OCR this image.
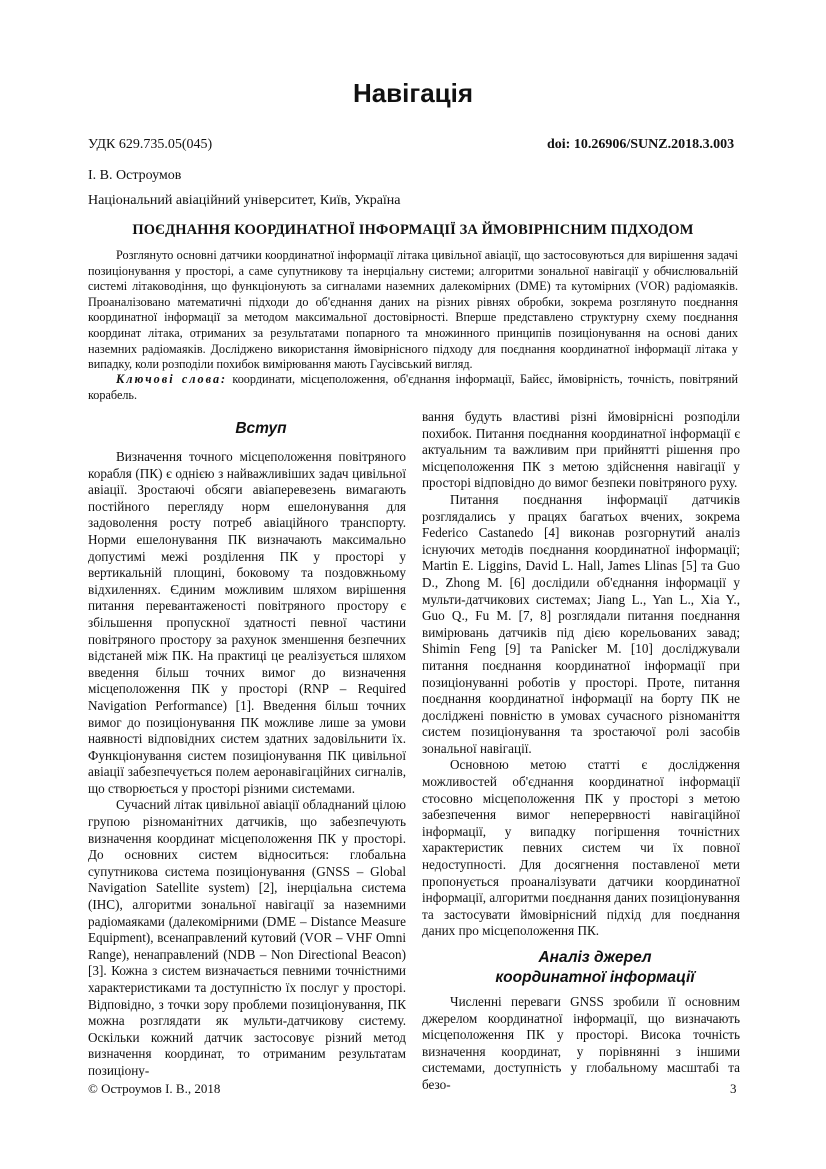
Навігація
УДК 629.735.05(045)	doi: 10.26906/SUNZ.2018.3.003
І. В. Остроумов
Національний авіаційний університет, Київ, Україна
ПОЄДНАННЯ КООРДИНАТНОЇ ІНФОРМАЦІЇ ЗА ЙМОВІРНІСНИМ ПІДХОДОМ

Розглянуто основні датчики координатної інформації літака цивільної авіації, що застосовуються для вирішення задачі позиціонування у просторі, а саме супутникову та інерціальну системи; алгоритми зональної навігації у обчислювальній системі літаководіння, що функціонують за сигналами наземних далекомірних (DME) та кутомірних (VOR) радіомаяків. Проаналізовано математичні підходи до об'єднання даних на різних рівнях обробки, зокрема розглянуто поєднання координатної інформації за методом максимальної достовірності. Вперше представлено структурну схему поєднання координат літака, отриманих за результатами попарного та множинного принципів позиціонування на основі даних наземних радіомаяків. Досліджено використання ймовірнісного підходу для поєднання координатної інформації літака у випадку, коли розподіли похибок вимірювання мають Гаусівський вигляд.

Ключові слова: координати, місцеположення, об'єднання інформації, Байєс, ймовірність, точність, повітряний корабель.

Вступ

Визначення точного місцеположення повітряного корабля (ПК) є однією з найважливіших задач цивільної авіації. Зростаючі обсяги авіаперевезень вимагають постійного перегляду норм ешелонування для задоволення росту потреб авіаційного транспорту. Норми ешелонування ПК визначають максимально допустимі межі розділення ПК у просторі у вертикальній площині, боковому та поздовжньому відхиленнях. Єдиним можливим шляхом вирішення питання перевантаженості повітряного простору є збільшення пропускної здатності певної частини повітряного простору за рахунок зменшення безпечних відстаней між ПК. На практиці це реалізується шляхом введення більш точних вимог до визначення місцеположення ПК у просторі (RNP – Required Navigation Performance) [1]. Введення більш точних вимог до позиціонування ПК можливе лише за умови наявності відповідних систем здатних задовільнити їх. Функціонування систем позиціонування ПК цивільної авіації забезпечується полем аеронавігаційних сигналів, що створюється у просторі різними системами.

Сучасний літак цивільної авіації обладнаний цілою групою різноманітних датчиків, що забезпечують визначення координат місцеположення ПК у просторі. До основних систем відноситься: глобальна супутникова система позиціонування (GNSS – Global Navigation Satellite system) [2], інерціальна система (ІНС), алгоритми зональної навігації за наземними радіомаяками (далекомірними (DME – Distance Measure Equipment), всенаправлений кутовий (VOR – VHF Omni Range), ненаправлений (NDB – Non Directional Beacon) [3]. Кожна з систем визначається певними точністними характеристиками та доступністю їх послуг у просторі. Відповідно, з точки зору проблеми позиціонування, ПК можна розглядати як мульти-датчикову систему. Оскільки кожний датчик застосовує різний метод визначення координат, то отриманим результатам позиціону-

вання будуть властиві різні ймовірнісні розподіли похибок. Питання поєднання координатної інформації є актуальним та важливим при прийнятті рішення про місцеположення ПК з метою здійснення навігації у просторі відповідно до вимог безпеки повітряного руху.

Питання поєднання інформації датчиків розглядались у працях багатьох вчених, зокрема Federico Castanedo [4] виконав розгорнутий аналіз існуючих методів поєднання координатної інформації; Martin E. Liggins, David L. Hall, James Llinas [5] та Guo D., Zhong M. [6] дослідили об'єднання інформації у мульти-датчикових системах; Jiang L., Yan L., Xia Y., Guo Q., Fu M. [7, 8] розглядали питання поєднання вимірювань датчиків під дією корельованих завад; Shimin Feng [9] та Panicker M. [10] досліджували питання поєднання координатної інформації при позиціонуванні роботів у просторі. Проте, питання поєднання координатної інформації на борту ПК не досліджені повністю в умовах сучасного різноманіття систем позиціонування та зростаючої ролі засобів зональної навігації.

Основною метою статті є дослідження можливостей об'єднання координатної інформації стосовно місцеположення ПК у просторі з метою забезпечення вимог неперервності навігаційної інформації, у випадку погіршення точністних характеристик певних систем чи їх повної недоступності. Для досягнення поставленої мети пропонується проаналізувати датчики координатної інформації, алгоритми поєднання даних позиціонування та застосувати ймовірнісний підхід для поєднання даних про місцеположення ПК.

Аналіз джерел

координатної інформації

Численні переваги GNSS зробили її основним джерелом координатної інформації, що визначають місцеположення ПК у просторі. Висока точність визначення координат, у порівнянні з іншими системами, доступність у глобальному масштабі та безо-

© Остроумов І. В., 2018	3
